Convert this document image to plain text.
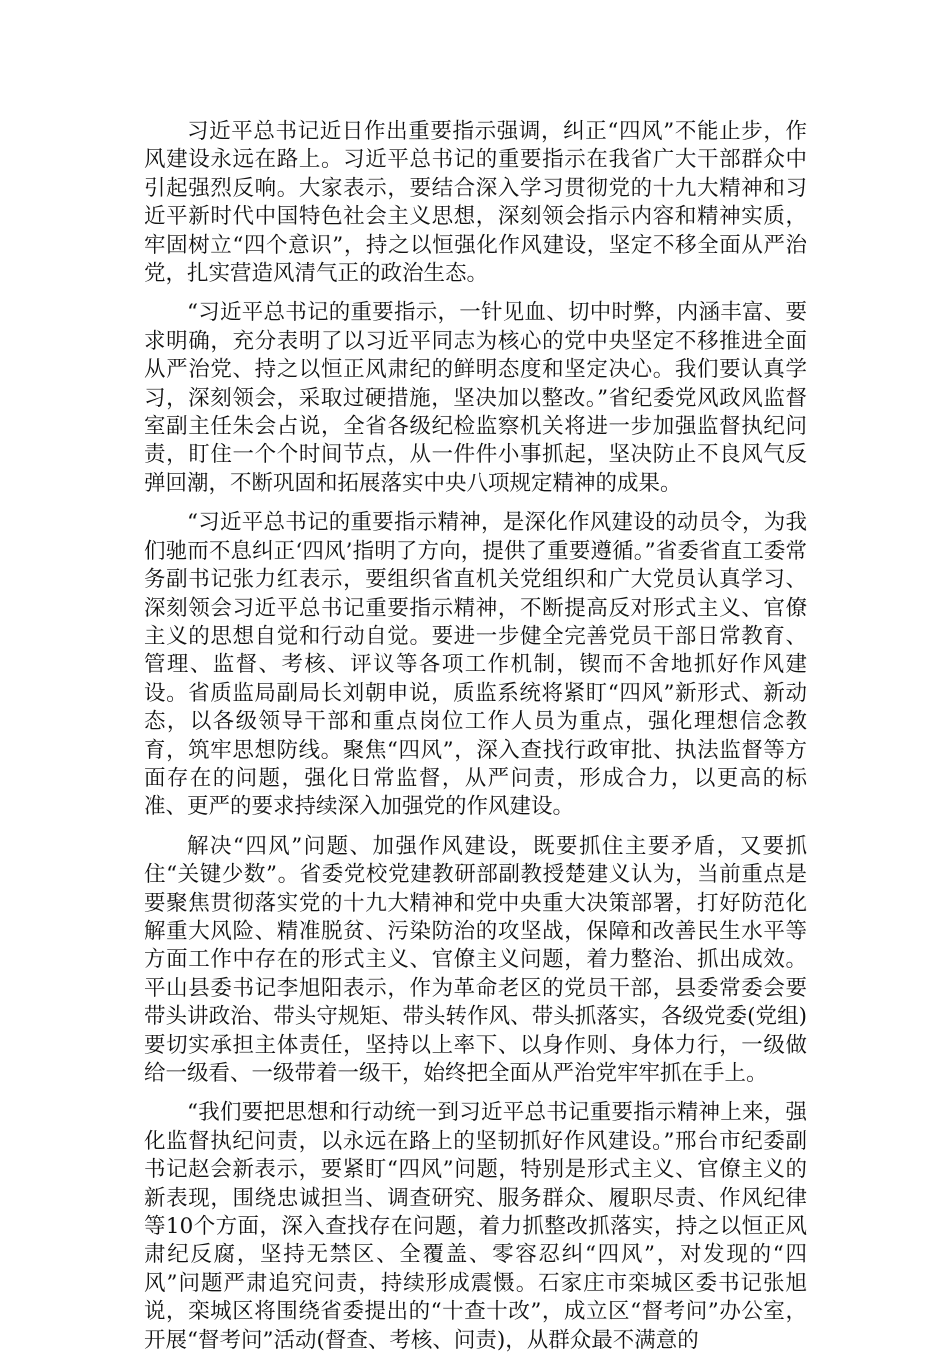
习近平总书记近日作出重要指示强调，纠正“四风”不能止步，作风建设永远在路上。习近平总书记的重要指示在我省广大干部群众中引起强烈反响。大家表示，要结合深入学习贯彻党的十九大精神和习近平新时代中国特色社会主义思想，深刻领会指示内容和精神实质，牢固树立“四个意识”，持之以恒强化作风建设，坚定不移全面从严治党，扎实营造风清气正的政治生态。

“习近平总书记的重要指示，一针见血、切中时弊，内涵丰富、要求明确，充分表明了以习近平同志为核心的党中央坚定不移推进全面从严治党、持之以恒正风肃纪的鲜明态度和坚定决心。我们要认真学习，深刻领会，采取过硬措施，坚决加以整改。”省纪委党风政风监督室副主任朱会占说，全省各级纪检监察机关将进一步加强监督执纪问责，盯住一个个时间节点，从一件件小事抓起，坚决防止不良风气反弹回潮，不断巩固和拓展落实中央八项规定精神的成果。

“习近平总书记的重要指示精神，是深化作风建设的动员令，为我们驰而不息纠正‘四风’指明了方向，提供了重要遵循。”省委省直工委常务副书记张力红表示，要组织省直机关党组织和广大党员认真学习、深刻领会习近平总书记重要指示精神，不断提高反对形式主义、官僚主义的思想自觉和行动自觉。要进一步健全完善党员干部日常教育、管理、监督、考核、评议等各项工作机制，锲而不舍地抓好作风建设。省质监局副局长刘朝申说，质监系统将紧盯“四风”新形式、新动态，以各级领导干部和重点岗位工作人员为重点，强化理想信念教育，筑牢思想防线。聚焦“四风”，深入查找行政审批、执法监督等方面存在的问题，强化日常监督，从严问责，形成合力，以更高的标准、更严的要求持续深入加强党的作风建设。

解决“四风”问题、加强作风建设，既要抓住主要矛盾，又要抓住“关键少数”。省委党校党建教研部副教授楚建义认为，当前重点是要聚焦贯彻落实党的十九大精神和党中央重大决策部署，打好防范化解重大风险、精准脱贫、污染防治的攻坚战，保障和改善民生水平等方面工作中存在的形式主义、官僚主义问题，着力整治、抓出成效。平山县委书记李旭阳表示，作为革命老区的党员干部，县委常委会要带头讲政治、带头守规矩、带头转作风、带头抓落实，各级党委(党组)要切实承担主体责任，坚持以上率下、以身作则、身体力行，一级做给一级看、一级带着一级干，始终把全面从严治党牢牢抓在手上。

“我们要把思想和行动统一到习近平总书记重要指示精神上来，强化监督执纪问责，以永远在路上的坚韧抓好作风建设。”邢台市纪委副书记赵会新表示，要紧盯“四风”问题，特别是形式主义、官僚主义的新表现，围绕忠诚担当、调查研究、服务群众、履职尽责、作风纪律等10个方面，深入查找存在问题，着力抓整改抓落实，持之以恒正风肃纪反腐，坚持无禁区、全覆盖、零容忍纠“四风”，对发现的“四风”问题严肃追究问责，持续形成震慑。石家庄市栾城区委书记张旭说，栾城区将围绕省委提出的“十查十改”，成立区“督考问”办公室，开展“督考问”活动(督查、考核、问责)，从群众最不满意的
